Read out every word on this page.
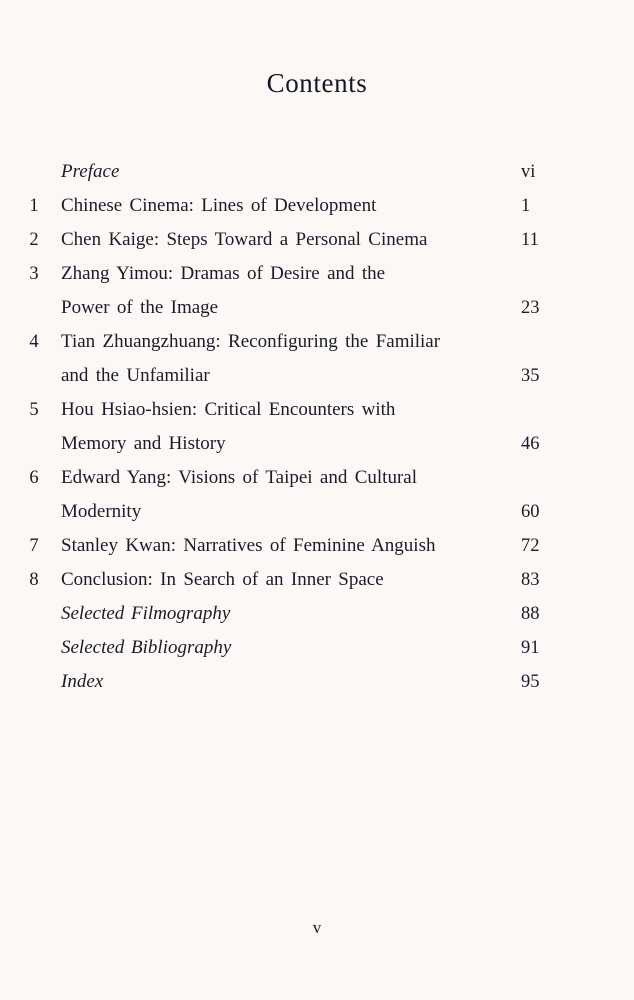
Contents
Preface	vi
1 Chinese Cinema: Lines of Development	1
2 Chen Kaige: Steps Toward a Personal Cinema	11
3 Zhang Yimou: Dramas of Desire and the
Power of the Image	23
4 Tian Zhuangzhuang: Reconfiguring the Familiar
and the Unfamiliar	35
5 Hou Hsiao-hsien: Critical Encounters with
Memory and History	46
6 Edward Yang: Visions of Taipei and Cultural
Modernity	60
7 Stanley Kwan: Narratives of Feminine Anguish	72
8 Conclusion: In Search of an Inner Space	83
Selected Filmography	88
Selected Bibliography	91
Index	95
v
